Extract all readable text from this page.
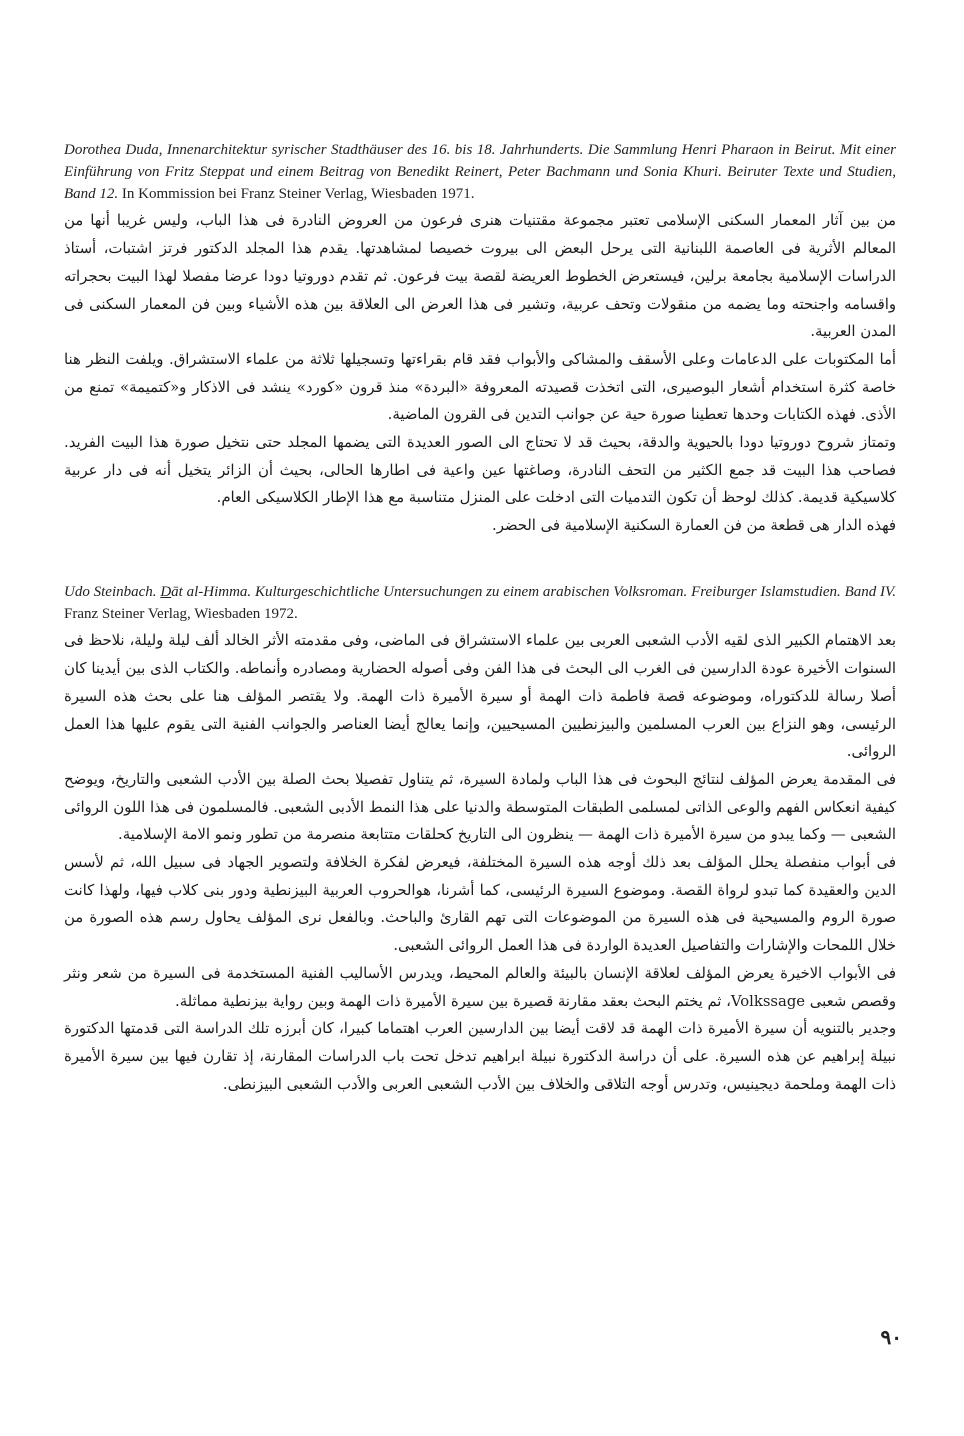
Dorothea Duda, Innenarchitektur syrischer Stadthäuser des 16. bis 18. Jahrhunderts. Die Sammlung Henri Pharaon in Beirut. Mit einer Einführung von Fritz Steppat und einem Beitrag von Benedikt Reinert, Peter Bachmann und Sonia Khuri. Beiruter Texte und Studien, Band 12. In Kommission bei Franz Steiner Verlag, Wiesbaden 1971.

من بين آثار المعمار السكنى الإسلامى تعتبر مجموعة مقتنيات هنرى فرعون من العروض النادرة فى هذا الباب، وليس غريبا أنها من المعالم الأثرية فى العاصمة اللبنانية التى يرحل البعض الى بيروت خصيصا لمشاهدتها. يقدم هذا المجلد الدكتور فرتز اشتبات، أستاذ الدراسات الإسلامية بجامعة برلين، فيستعرض الخطوط العريضة لقصة بيت فرعون. ثم تقدم دوروتيا دودا عرضا مفصلا لهذا البيت بحجراته واقسامه واجنحته وما يضمه من منقولات وتحف عربية، وتشير فى هذا العرض الى العلاقة بين هذه الأشياء وبين فن المعمار السكنى فى المدن العربية.

أما المكتوبات على الدعامات وعلى الأسقف والمشاكى والأبواب فقد قام بقراءتها وتسجيلها ثلاثة من علماء الاستشراق. ويلفت النظر هنا خاصة كثرة استخدام أشعار البوصيرى، التى اتخذت قصيدته المعروفة «البردة» منذ قرون «كورد» ينشد فى الاذكار و«كتميمة» تمنع من الأذى. فهذه الكتابات وحدها تعطينا صورة حية عن جوانب التدين فى القرون الماضية.

وتمتاز شروح دوروتيا دودا بالحيوية والدقة، بحيث قد لا تحتاج الى الصور العديدة التى يضمها المجلد حتى نتخيل صورة هذا البيت الفريد. فصاحب هذا البيت قد جمع الكثير من التحف النادرة، وصاغتها عين واعية فى اطارها الحالى، بحيث أن الزائر يتخيل أنه فى دار عربية كلاسيكية قديمة. كذلك لوحظ أن تكون التدميات التى ادخلت على المنزل متناسبة مع هذا الإطار الكلاسيكى العام.

فهذه الدار هى قطعة من فن العمارة السكنية الإسلامية فى الحضر.

Udo Steinbach. Dāt al-Himma. Kulturgeschichtliche Untersuchungen zu einem arabischen Volksroman. Freiburger Islamstudien. Band IV. Franz Steiner Verlag, Wiesbaden 1972.

بعد الاهتمام الكبير الذى لقيه الأدب الشعبى العربى بين علماء الاستشراق فى الماضى، وفى مقدمته الأثر الخالد ألف ليلة وليلة، نلاحظ فى السنوات الأخيرة عودة الدارسين فى الغرب الى البحث فى هذا الفن وفى أصوله الحضارية ومصادره وأنماطه. والكتاب الذى بين أيدينا كان أصلا رسالة للدكتوراه، وموضوعه قصة فاطمة ذات الهمة أو سيرة الأميرة ذات الهمة. ولا يقتصر المؤلف هنا على بحث هذه السيرة الرئيسى، وهو النزاع بين العرب المسلمين والبيزنطيين المسيحيين، وإنما يعالج أيضا العناصر والجوانب الفنية التى يقوم عليها هذا العمل الروائى.

فى المقدمة يعرض المؤلف لنتائج البحوث فى هذا الباب ولمادة السيرة، ثم يتناول تفصيلا بحث الصلة بين الأدب الشعبى والتاريخ، ويوضح كيفية انعكاس الفهم والوعى الذاتى لمسلمى الطبقات المتوسطة والدنيا على هذا النمط الأدبى الشعبى. فالمسلمون فى هذا اللون الروائى الشعبى — وكما يبدو من سيرة الأميرة ذات الهمة — ينظرون الى التاريخ كحلقات متتابعة منصرمة من تطور ونمو الامة الإسلامية.

فى أبواب منفصلة يحلل المؤلف بعد ذلك أوجه هذه السيرة المختلفة، فيعرض لفكرة الخلافة ولتصوير الجهاد فى سبيل الله، ثم لأسس الدين والعقيدة كما تبدو لرواة القصة. وموضوع السيرة الرئيسى، كما أشرنا، هوالحروب العربية البيزنطية ودور بنى كلاب فيها، ولهذا كانت صورة الروم والمسيحية فى هذه السيرة من الموضوعات التى تهم القارئ والباحث. وبالفعل نرى المؤلف يحاول رسم هذه الصورة من خلال اللمحات والإشارات والتفاصيل العديدة الواردة فى هذا العمل الروائى الشعبى.

فى الأبواب الاخيرة يعرض المؤلف لعلاقة الإنسان بالبيئة والعالم المحيط، ويدرس الأساليب الفنية المستخدمة فى السيرة من شعر ونثر وقصص شعبى Volkssage، ثم يختم البحث بعقد مقارنة قصيرة بين سيرة الأميرة ذات الهمة وبين رواية بيزنطية مماثلة.

وجدير بالتنويه أن سيرة الأميرة ذات الهمة قد لاقت أيضا بين الدارسين العرب اهتماما كبيرا، كان أبرزه تلك الدراسة التى قدمتها الدكتورة نبيلة إبراهيم عن هذه السيرة. على أن دراسة الدكتورة نبيلة ابراهيم تدخل تحت باب الدراسات المقارنة، إذ تقارن فيها بين سيرة الأميرة ذات الهمة وملحمة ديجينيس، وتدرس أوجه التلاقى والخلاف بين الأدب الشعبى العربى والأدب الشعبى البيزنطى.

٩٠
